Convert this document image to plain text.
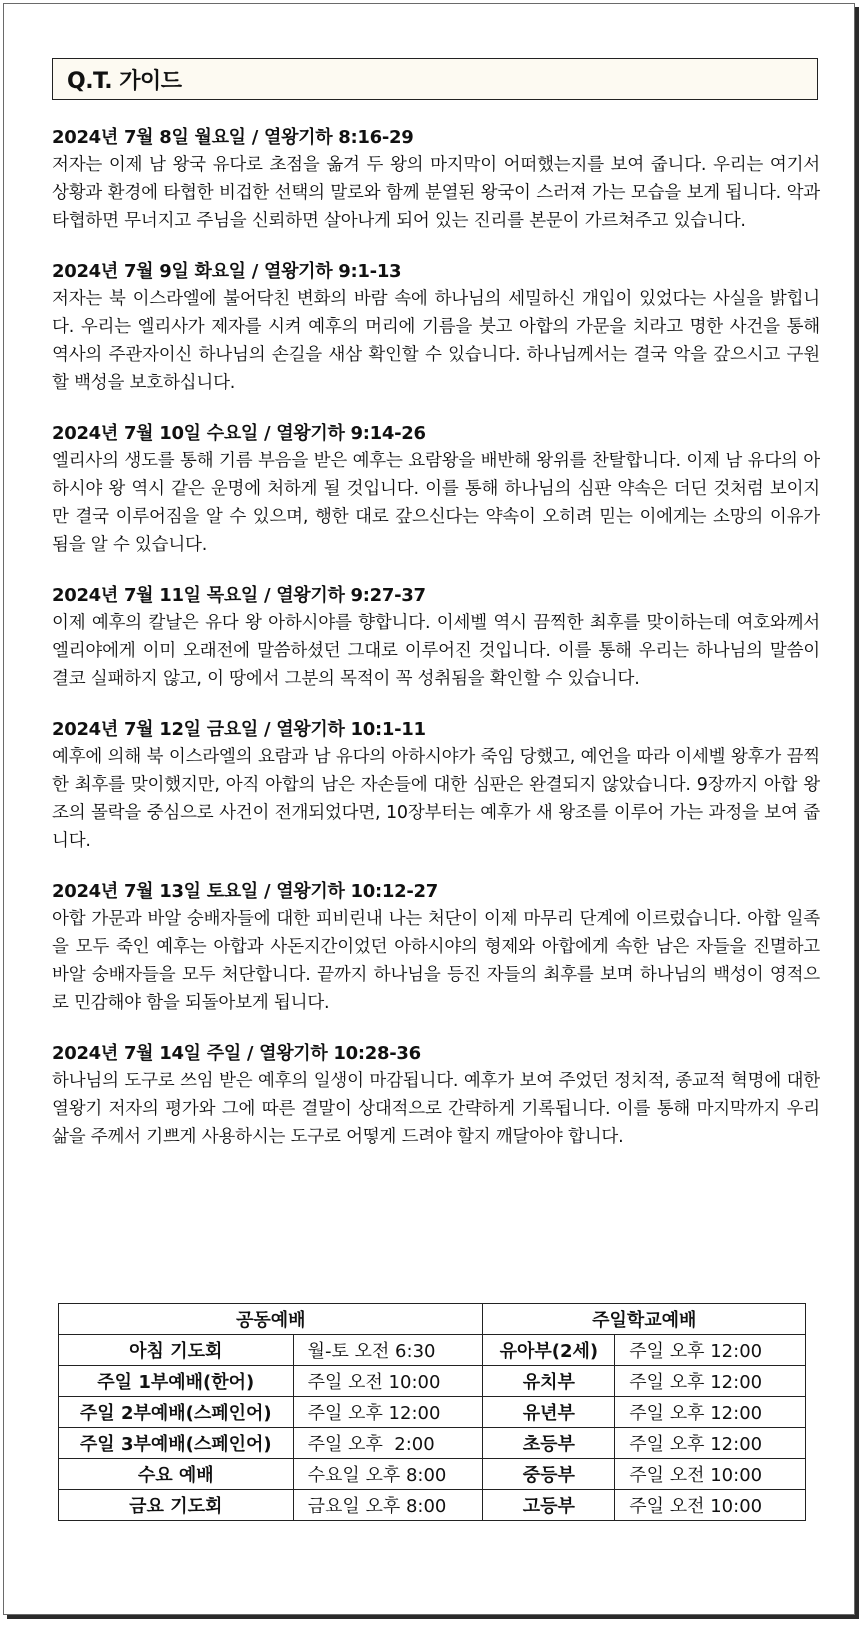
Q.T. 가이드
2024년 7월 8일 월요일 / 열왕기하 8:16-29
저자는 이제 남 왕국 유다로 초점을 옮겨 두 왕의 마지막이 어떠했는지를 보여 줍니다. 우리는 여기서 상황과 환경에 타협한 비겁한 선택의 말로와 함께 분열된 왕국이 스러져 가는 모습을 보게 됩니다. 악과 타협하면 무너지고 주님을 신뢰하면 살아나게 되어 있는 진리를 본문이 가르쳐주고 있습니다.
2024년 7월 9일 화요일 / 열왕기하 9:1-13
저자는 북 이스라엘에 불어닥친 변화의 바람 속에 하나님의 세밀하신 개입이 있었다는 사실을 밝힙니다. 우리는 엘리사가 제자를 시켜 예후의 머리에 기름을 붓고 아합의 가문을 치라고 명한 사건을 통해 역사의 주관자이신 하나님의 손길을 새삼 확인할 수 있습니다. 하나님께서는 결국 악을 갚으시고 구원할 백성을 보호하십니다.
2024년 7월 10일 수요일 / 열왕기하 9:14-26
엘리사의 생도를 통해 기름 부음을 받은 예후는 요람왕을 배반해 왕위를 찬탈합니다. 이제 남 유다의 아하시야 왕 역시 같은 운명에 처하게 될 것입니다. 이를 통해 하나님의 심판 약속은 더딘 것처럼 보이지만 결국 이루어짐을 알 수 있으며, 행한 대로 갚으신다는 약속이 오히려 믿는 이에게는 소망의 이유가 됨을 알 수 있습니다.
2024년 7월 11일 목요일 / 열왕기하 9:27-37
이제 예후의 칼날은 유다 왕 아하시야를 향합니다. 이세벨 역시 끔찍한 최후를 맞이하는데 여호와께서 엘리야에게 이미 오래전에 말씀하셨던 그대로 이루어진 것입니다. 이를 통해 우리는 하나님의 말씀이 결코 실패하지 않고, 이 땅에서 그분의 목적이 꼭 성취됨을 확인할 수 있습니다.
2024년 7월 12일 금요일 / 열왕기하 10:1-11
예후에 의해 북 이스라엘의 요람과 남 유다의 아하시야가 죽임 당했고, 예언을 따라 이세벨 왕후가 끔찍한 최후를 맞이했지만, 아직 아합의 남은 자손들에 대한 심판은 완결되지 않았습니다. 9장까지 아합 왕조의 몰락을 중심으로 사건이 전개되었다면, 10장부터는 예후가 새 왕조를 이루어 가는 과정을 보여 줍니다.
2024년 7월 13일 토요일 / 열왕기하 10:12-27
아합 가문과 바알 숭배자들에 대한 피비린내 나는 처단이 이제 마무리 단계에 이르렀습니다. 아합 일족을 모두 죽인 예후는 아합과 사돈지간이었던 아하시야의 형제와 아합에게 속한 남은 자들을 진멸하고 바알 숭배자들을 모두 처단합니다. 끝까지 하나님을 등진 자들의 최후를 보며 하나님의 백성이 영적으로 민감해야 함을 되돌아보게 됩니다.
2024년 7월 14일 주일 / 열왕기하 10:28-36
하나님의 도구로 쓰임 받은 예후의 일생이 마감됩니다. 예후가 보여 주었던 정치적, 종교적 혁명에 대한 열왕기 저자의 평가와 그에 따른 결말이 상대적으로 간략하게 기록됩니다. 이를 통해 마지막까지 우리 삶을 주께서 기쁘게 사용하시는 도구로 어떻게 드려야 할지 깨달아야 합니다.
공동예배		주일학교예배	
아침 기도회	월-토 오전 6:30	유아부(2세)	주일 오후 12:00
주일 1부예배(한어)	주일 오전 10:00	유치부	주일 오후 12:00
주일 2부예배(스페인어)	주일 오후 12:00	유년부	주일 오후 12:00
주일 3부예배(스페인어)	주일 오후  2:00	초등부	주일 오후 12:00
수요 예배	수요일 오후 8:00	중등부	주일 오전 10:00
금요 기도회	금요일 오후 8:00	고등부	주일 오전 10:00
